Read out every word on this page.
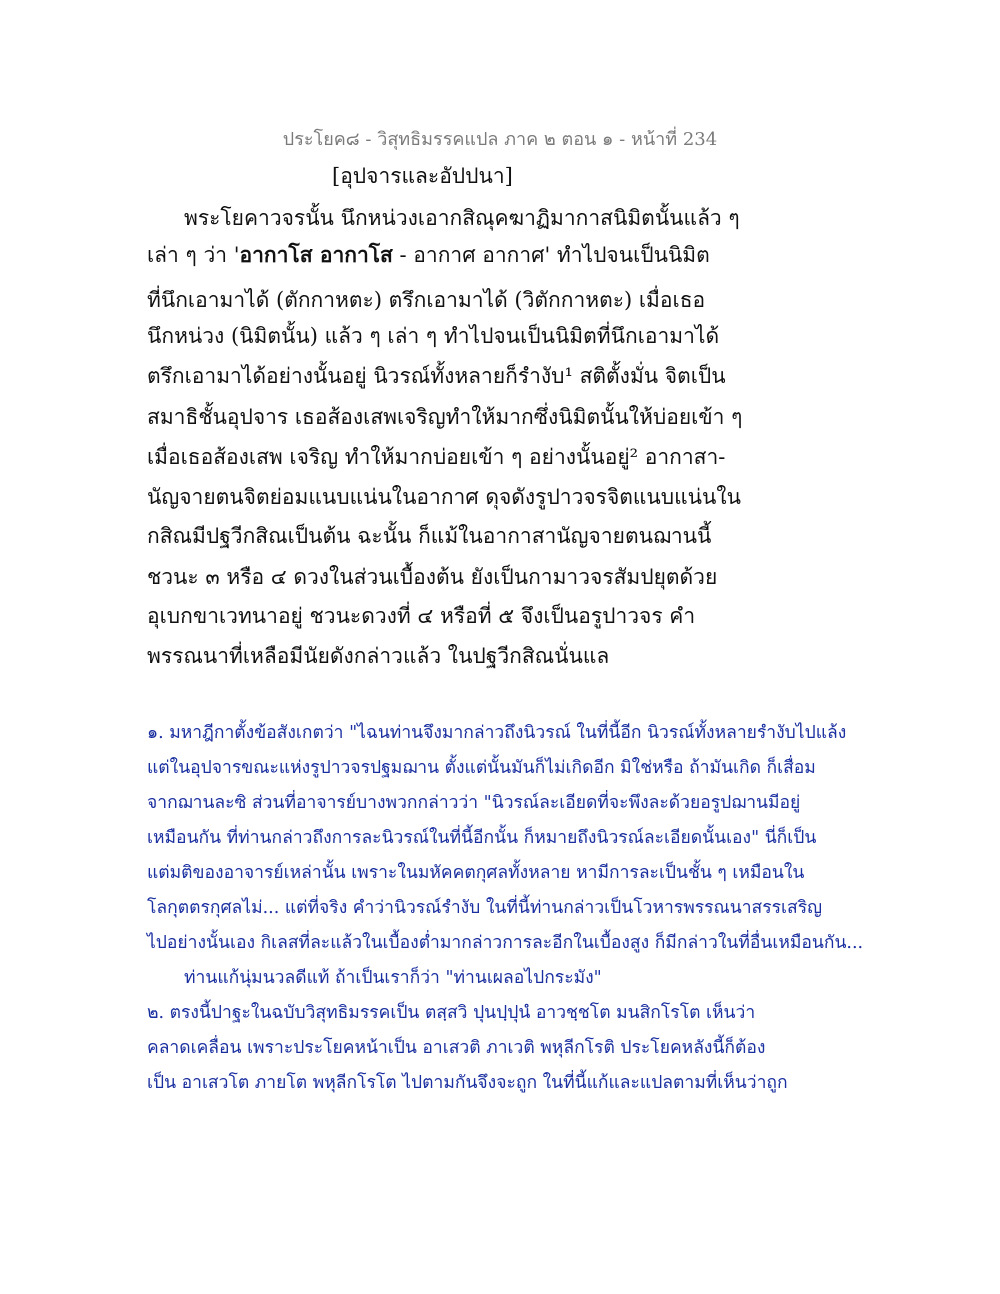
ประโยค๘ - วิสุทธิมรรคแปล ภาค ๒ ตอน ๑ - หน้าที่ 234
[อุปจารและอัปปนา]
พระโยคาวจรนั้น นึกหน่วงเอากสิณุคฆาฏิมากาสนิมิตนั้นแล้ว ๆ
เล่า ๆ ว่า 'อากาโส อากาโส - อากาศ อากาศ' ทำไปจนเป็นนิมิต
ที่นึกเอามาได้ (ตักกาหตะ) ตรึกเอามาได้ (วิตักกาหตะ) เมื่อเธอ
นึกหน่วง (นิมิตนั้น) แล้ว ๆ เล่า ๆ ทำไปจนเป็นนิมิตที่นึกเอามาได้
ตรึกเอามาได้อย่างนั้นอยู่ นิวรณ์ทั้งหลายก็รำงับ¹ สติตั้งมั่น จิตเป็น
สมาธิชั้นอุปจาร เธอส้องเสพเจริญทำให้มากซึ่งนิมิตนั้นให้บ่อยเข้า ๆ
เมื่อเธอส้องเสพ เจริญ ทำให้มากบ่อยเข้า ๆ อย่างนั้นอยู่² อากาสา-
นัญจายตนจิตย่อมแนบแน่นในอากาศ ดุจดังรูปาวจรจิตแนบแน่นใน
กสิณมีปฐวีกสิณเป็นต้น ฉะนั้น ก็แม้ในอากาสานัญจายตนฌานนี้
ชวนะ ๓ หรือ ๔ ดวงในส่วนเบื้องต้น ยังเป็นกามาวจรสัมปยุตด้วย
อุเบกขาเวทนาอยู่ ชวนะดวงที่ ๔ หรือที่ ๕ จึงเป็นอรูปาวจร คำ
พรรณนาที่เหลือมีนัยดังกล่าวแล้ว ในปฐวีกสิณนั่นแล
๑. มหาฎีกาตั้งข้อสังเกตว่า "ไฉนท่านจึงมากล่าวถึงนิวรณ์ ในที่นี้อีก นิวรณ์ทั้งหลายรำงับไปแล้ง
แต่ในอุปจารขณะแห่งรูปาวจรปฐมฌาน ตั้งแต่นั้นมันก็ไม่เกิดอีก มิใช่หรือ ถ้ามันเกิด ก็เสื่อม
จากฌานละซิ ส่วนที่อาจารย์บางพวกกล่าวว่า "นิวรณ์ละเอียดที่จะพึงละด้วยอรูปฌานมีอยู่
เหมือนกัน ที่ท่านกล่าวถึงการละนิวรณ์ในที่นี้อีกนั้น ก็หมายถึงนิวรณ์ละเอียดนั้นเอง" นี่ก็เป็น
แต่มติของอาจารย์เหล่านั้น เพราะในมหัคคตกุศลทั้งหลาย หามีการละเป็นชั้น ๆ เหมือนใน
โลกุตตรกุศลไม่... แต่ที่จริง คำว่านิวรณ์รำงับ ในที่นี้ท่านกล่าวเป็นโวหารพรรณนาสรรเสริญ
ไปอย่างนั้นเอง กิเลสที่ละแล้วในเบื้องต่ำมากล่าวการละอีกในเบื้องสูง ก็มีกล่าวในที่อื่นเหมือนกัน...
ท่านแก้นุ่มนวลดีแท้ ถ้าเป็นเราก็ว่า "ท่านเผลอไปกระมัง"
๒. ตรงนี้ปาฐะในฉบับวิสุทธิมรรคเป็น ตสฺสวิ ปุนปฺปุนํ อาวชฺชโต มนสิกโรโต เห็นว่า
คลาดเคลื่อน เพราะประโยคหน้าเป็น อาเสวติ ภาเวติ พหุลีกโรติ ประโยคหลังนี้ก็ต้อง
เป็น อาเสวโต ภายโต พหุลีกโรโต ไปตามกันจึงจะถูก ในที่นี้แก้และแปลตามที่เห็นว่าถูก
